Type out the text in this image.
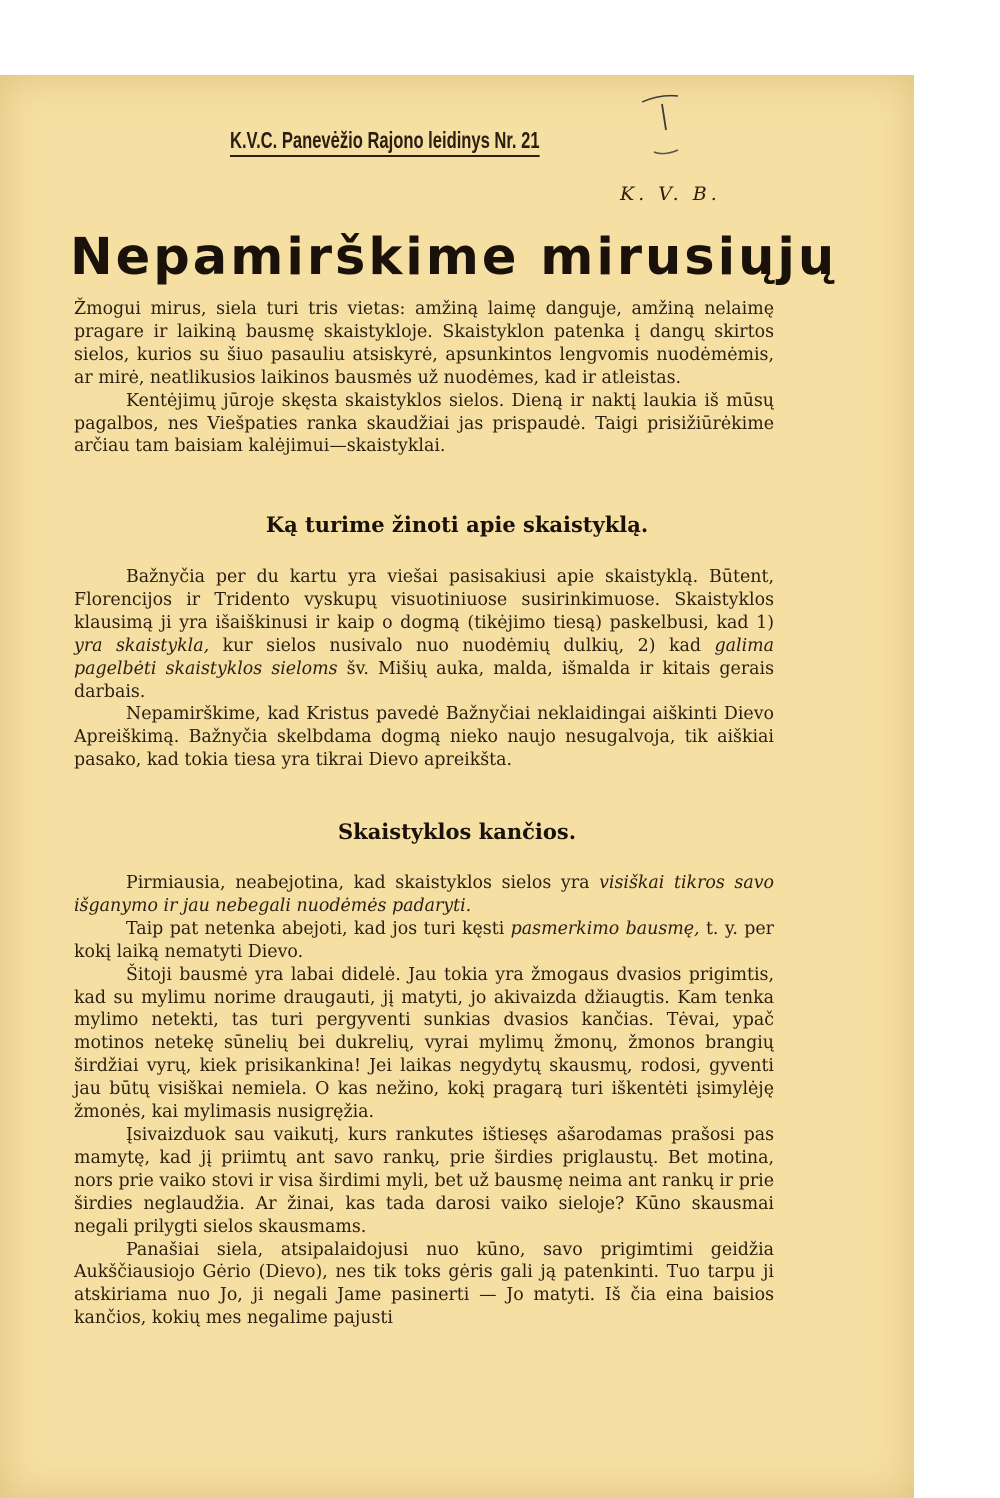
K.V.C. Panevėžio Rajono leidinys Nr. 21
K. V. B.
Nepamirškime mirusiųjų

Žmogui mirus, siela turi tris vietas: amžiną laimę danguje, amžiną nelaimę pragare ir laikiną bausmę skaistykloje. Skaistyklon patenka į dangų skirtos sielos, kurios su šiuo pasauliu atsiskyrė, apsunkintos lengvomis nuodėmėmis, ar mirė, neatlikusios laikinos bausmės už nuodėmes, kad ir atleistas.

Kentėjimų jūroje skęsta skaistyklos sielos. Dieną ir naktį laukia iš mūsų pagalbos, nes Viešpaties ranka skaudžiai jas prispaudė. Taigi prisižiūrėkime arčiau tam baisiam kalėjimui—skaistyklai.

Ką turime žinoti apie skaistyklą.

Bažnyčia per du kartu yra viešai pasisakiusi apie skaistyklą. Būtent, Florencijos ir Tridento vyskupų visuotiniuose susirinkimuose. Skaistyklos klausimą ji yra išaiškinusi ir kaip o dogmą (tikėjimo tiesą) paskelbusi, kad 1) yra skaistykla, kur sielos nusivalo nuo nuodėmių dulkių, 2) kad galima pagelbėti skaistyklos sieloms šv. Mišių auka, malda, išmalda ir kitais gerais darbais.

Nepamirškime, kad Kristus pavedė Bažnyčiai neklaidingai aiškinti Dievo Apreiškimą. Bažnyčia skelbdama dogmą nieko naujo nesugalvoja, tik aiškiai pasako, kad tokia tiesa yra tikrai Dievo apreikšta.

Skaistyklos kančios.

Pirmiausia, neabejotina, kad skaistyklos sielos yra visiškai tikros savo išganymo ir jau nebegali nuodėmės padaryti.

Taip pat netenka abejoti, kad jos turi kęsti pasmerkimo bausmę, t. y. per kokį laiką nematyti Dievo.

Šitoji bausmė yra labai didelė. Jau tokia yra žmogaus dvasios prigimtis, kad su mylimu norime draugauti, jį matyti, jo akivaizda džiaugtis. Kam tenka mylimo netekti, tas turi pergyventi sunkias dvasios kančias. Tėvai, ypač motinos netekę sūnelių bei dukrelių, vyrai mylimų žmonų, žmonos brangių širdžiai vyrų, kiek prisikankina! Jei laikas negydytų skausmų, rodosi, gyventi jau būtų visiškai nemiela. O kas nežino, kokį pragarą turi iškentėti įsimylėję žmonės, kai mylimasis nusigręžia.

Įsivaizduok sau vaikutį, kurs rankutes ištiesęs ašarodamas prašosi pas mamytę, kad jį priimtų ant savo rankų, prie širdies priglaustų. Bet motina, nors prie vaiko stovi ir visa širdimi myli, bet už bausmę neima ant rankų ir prie širdies neglaudžia. Ar žinai, kas tada darosi vaiko sieloje? Kūno skausmai negali prilygti sielos skausmams.

Panašiai siela, atsipalaidojusi nuo kūno, savo prigimtimi geidžia Aukščiausiojo Gėrio (Dievo), nes tik toks gėris gali ją patenkinti. Tuo tarpu ji atskiriama nuo Jo, ji negali Jame pasinerti — Jo matyti. Iš čia eina baisios kančios, kokių mes negalime pajusti
